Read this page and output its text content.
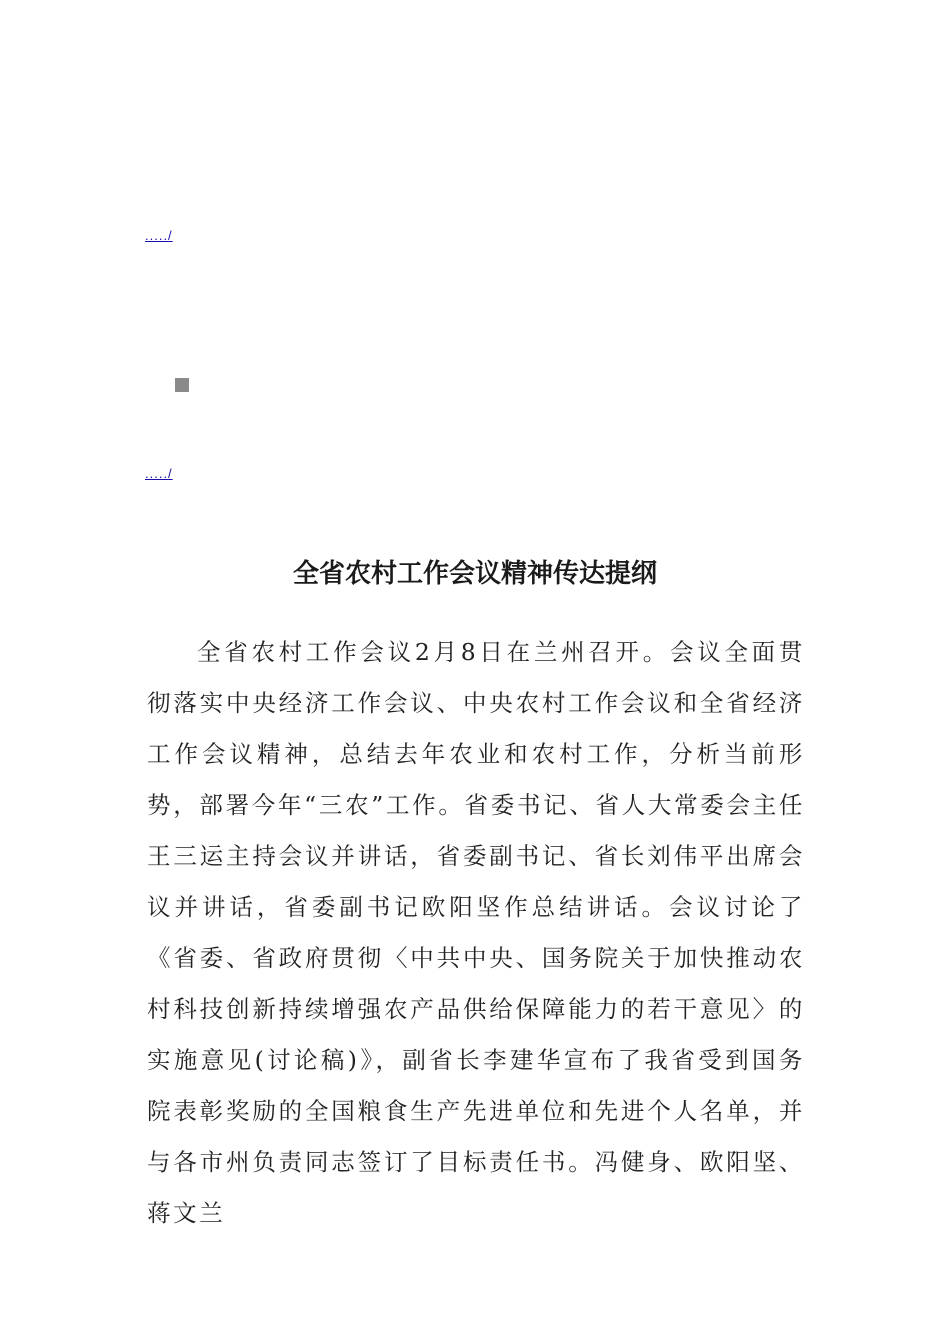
...../
...../
全省农村工作会议精神传达提纲

全省农村工作会议2月8日在兰州召开。会议全面贯彻落实中央经济工作会议、中央农村工作会议和全省经济工作会议精神，总结去年农业和农村工作，分析当前形势，部署今年“三农”工作。省委书记、省人大常委会主任王三运主持会议并讲话，省委副书记、省长刘伟平出席会议并讲话，省委副书记欧阳坚作总结讲话。会议讨论了《省委、省政府贯彻〈中共中央、国务院关于加快推动农村科技创新持续增强农产品供给保障能力的若干意见〉的实施意见(讨论稿)》，副省长李建华宣布了我省受到国务院表彰奖励的全国粮食生产先进单位和先进个人名单，并与各市州负责同志签订了目标责任书。冯健身、欧阳坚、蒋文兰
